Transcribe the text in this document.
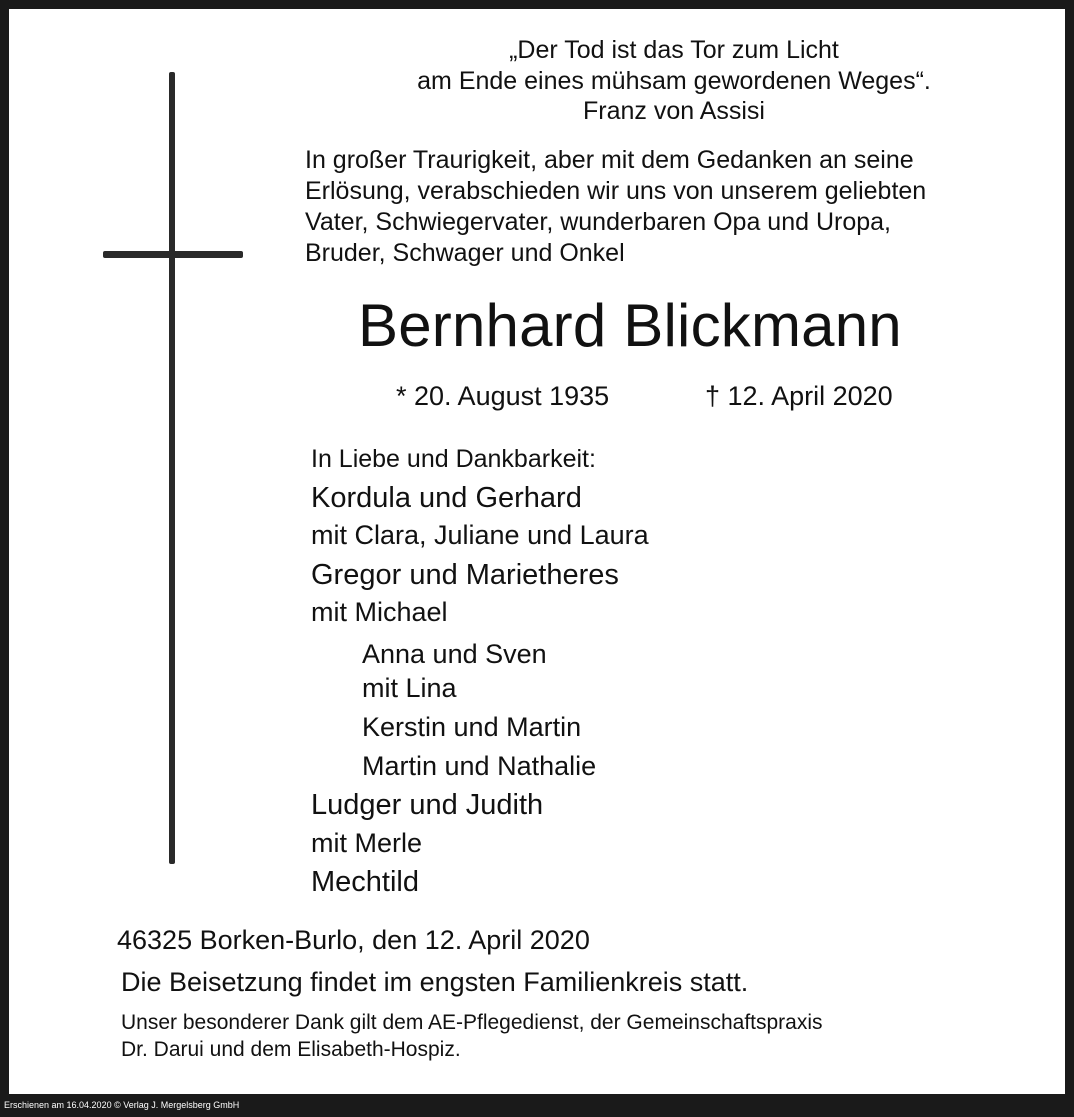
„Der Tod ist das Tor zum Licht
am Ende eines mühsam gewordenen Weges“.
Franz von Assisi
In großer Traurigkeit, aber mit dem Gedanken an seine
Erlösung, verabschieden wir uns von unserem geliebten
Vater, Schwiegervater, wunderbaren Opa und Uropa,
Bruder, Schwager und Onkel
Bernhard Blickmann
* 20. August 1935	† 12. April 2020
In Liebe und Dankbarkeit:
Kordula und Gerhard
mit Clara, Juliane und Laura
Gregor und Marietheres
mit Michael
Anna und Sven
mit Lina
Kerstin und Martin
Martin und Nathalie
Ludger und Judith
mit Merle
Mechtild
46325 Borken-Burlo, den 12. April 2020
Die Beisetzung findet im engsten Familienkreis statt.
Unser besonderer Dank gilt dem AE-Pflegedienst, der Gemeinschaftspraxis
Dr. Darui und dem Elisabeth-Hospiz.
Erschienen am 16.04.2020 © Verlag J. Mergelsberg GmbH
